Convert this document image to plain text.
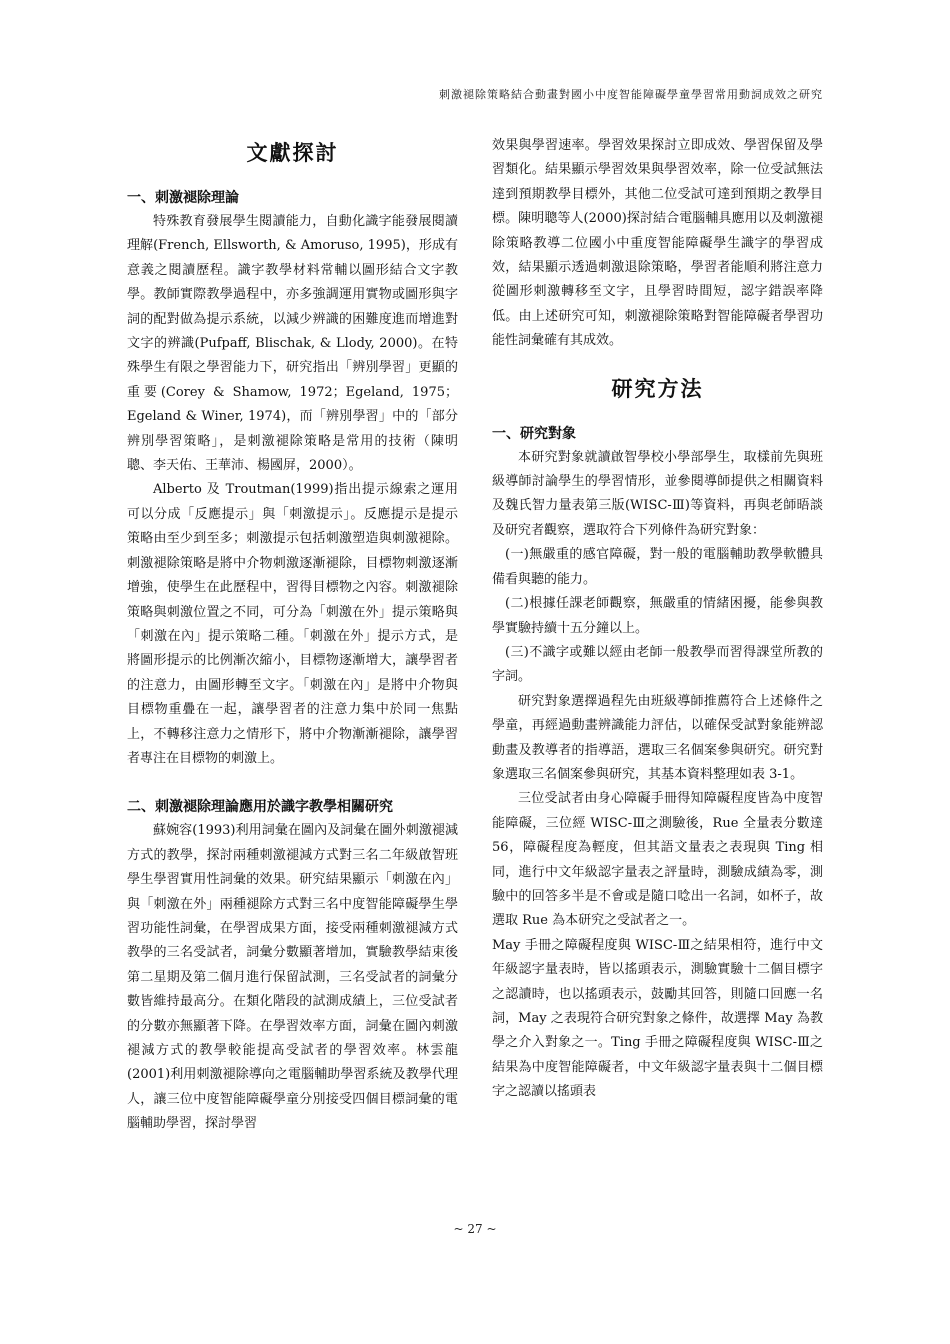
刺激褪除策略結合動畫對國小中度智能障礙學童學習常用動詞成效之研究
文獻探討
一、刺激褪除理論

特殊教育發展學生閱讀能力，自動化識字能發展閱讀理解(French, Ellsworth, & Amoruso, 1995)，形成有意義之閱讀歷程。識字教學材料常輔以圖形結合文字教學。教師實際教學過程中，亦多強調運用實物或圖形與字詞的配對做為提示系統，以減少辨識的困難度進而增進對文字的辨識(Pufpaff, Blischak, & Llody, 2000)。在特殊學生有限之學習能力下，研究指出「辨別學習」更顯的重要(Corey & Shamow, 1972；Egeland, 1975；Egeland & Winer, 1974)，而「辨別學習」中的「部分辨別學習策略」，是刺激褪除策略是常用的技術（陳明聰、李天佑、王華沛、楊國屏，2000）。

Alberto 及 Troutman(1999)指出提示線索之運用可以分成「反應提示」與「刺激提示」。反應提示是提示策略由至少到至多；刺激提示包括刺激塑造與刺激褪除。刺激褪除策略是將中介物刺激逐漸褪除，目標物刺激逐漸增強，使學生在此歷程中，習得目標物之內容。刺激褪除策略與刺激位置之不同，可分為「刺激在外」提示策略與「刺激在內」提示策略二種。「刺激在外」提示方式，是將圖形提示的比例漸次縮小，目標物逐漸增大，讓學習者的注意力，由圖形轉至文字。「刺激在內」是將中介物與目標物重疊在一起，讓學習者的注意力集中於同一焦點上，不轉移注意力之情形下，將中介物漸漸褪除，讓學習者專注在目標物的刺激上。

二、刺激褪除理論應用於識字教學相關研究

蘇婉容(1993)利用詞彙在圖內及詞彙在圖外刺激褪減方式的教學，探討兩種刺激褪減方式對三名二年級啟智班學生學習實用性詞彙的效果。研究結果顯示「刺激在內」與「刺激在外」兩種褪除方式對三名中度智能障礙學生學習功能性詞彙，在學習成果方面，接受兩種刺激褪減方式教學的三名受試者，詞彙分數顯著增加，實驗教學結束後第二星期及第二個月進行保留試測，三名受試者的詞彙分數皆維持最高分。在類化階段的試測成績上，三位受試者的分數亦無顯著下降。在學習效率方面，詞彙在圖內刺激褪減方式的教學較能提高受試者的學習效率。林雲龍(2001)利用刺激褪除導向之電腦輔助學習系統及教學代理人，讓三位中度智能障礙學童分別接受四個目標詞彙的電腦輔助學習，探討學習

效果與學習速率。學習效果探討立即成效、學習保留及學習類化。結果顯示學習效果與學習效率，除一位受試無法達到預期教學目標外，其他二位受試可達到預期之教學目標。陳明聰等人(2000)探討結合電腦輔具應用以及刺激褪除策略教導二位國小中重度智能障礙學生識字的學習成效，結果顯示透過刺激退除策略，學習者能順利將注意力從圖形刺激轉移至文字，且學習時間短，認字錯誤率降低。由上述研究可知，刺激褪除策略對智能障礙者學習功能性詞彙確有其成效。

研究方法
一、研究對象

本研究對象就讀啟智學校小學部學生，取樣前先與班級導師討論學生的學習情形，並參閱導師提供之相關資料及魏氏智力量表第三版(WISC-Ⅲ)等資料，再與老師晤談及研究者觀察，選取符合下列條件為研究對象：

(一)無嚴重的感官障礙，對一般的電腦輔助教學軟體具備看與聽的能力。

(二)根據任課老師觀察，無嚴重的情緒困擾，能參與教學實驗持續十五分鐘以上。

(三)不識字或難以經由老師一般教學而習得課堂所教的字詞。

研究對象選擇過程先由班級導師推薦符合上述條件之學童，再經過動畫辨識能力評估，以確保受試對象能辨認動畫及教導者的指導語，選取三名個案參與研究。研究對象選取三名個案參與研究，其基本資料整理如表 3-1。

三位受試者由身心障礙手冊得知障礙程度皆為中度智能障礙，三位經 WISC-Ⅲ之測驗後，Rue 全量表分數達 56，障礙程度為輕度，但其語文量表之表現與 Ting 相同，進行中文年級認字量表之評量時，測驗成績為零，測驗中的回答多半是不會或是隨口唸出一名詞，如杯子，故選取 Rue 為本研究之受試者之一。

May 手冊之障礙程度與 WISC-Ⅲ之結果相符，進行中文年級認字量表時，皆以搖頭表示，測驗實驗十二個目標字之認讀時，也以搖頭表示，鼓勵其回答，則隨口回應一名詞，May 之表現符合研究對象之條件，故選擇 May 為教學之介入對象之一。Ting 手冊之障礙程度與 WISC-Ⅲ之結果為中度智能障礙者，中文年級認字量表與十二個目標字之認讀以搖頭表

~ 27 ~
